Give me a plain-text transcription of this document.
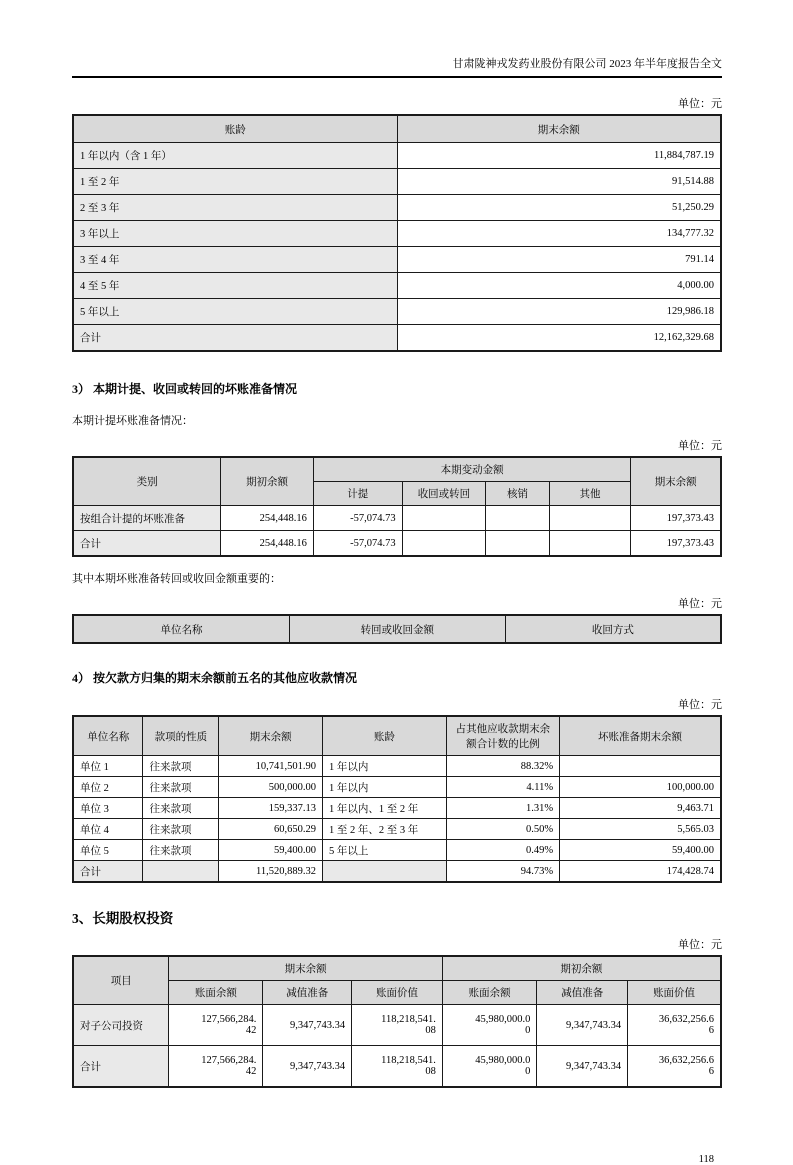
甘肃陇神戎发药业股份有限公司 2023 年半年度报告全文
单位：元
账龄	期末余额
1 年以内（含 1 年）	11,884,787.19
1 至 2 年	91,514.88
2 至 3 年	51,250.29
3 年以上	134,777.32
3 至 4 年	791.14
4 至 5 年	4,000.00
5 年以上	129,986.18
合计	12,162,329.68
3） 本期计提、收回或转回的坏账准备情况
本期计提坏账准备情况：
单位：元
类别	期初余额	本期变动金额				期末余额
		计提	收回或转回	核销	其他	
按组合计提的坏账准备	254,448.16	-57,074.73				197,373.43
合计	254,448.16	-57,074.73				197,373.43
其中本期坏账准备转回或收回金额重要的：
单位：元
单位名称	转回或收回金额	收回方式
4） 按欠款方归集的期末余额前五名的其他应收款情况
单位：元
单位名称	款项的性质	期末余额	账龄	占其他应收款期末余额合计数的比例	坏账准备期末余额
单位 1	往来款项	10,741,501.90	1 年以内	88.32%	
单位 2	往来款项	500,000.00	1 年以内	4.11%	100,000.00
单位 3	往来款项	159,337.13	1 年以内、1 至 2 年	1.31%	9,463.71
单位 4	往来款项	60,650.29	1 至 2 年、2 至 3 年	0.50%	5,565.03
单位 5	往来款项	59,400.00	5 年以上	0.49%	59,400.00
合计		11,520,889.32		94.73%	174,428.74
3、长期股权投资
单位：元
项目	期末余额			期初余额		
	账面余额	减值准备	账面价值	账面余额	减值准备	账面价值
对子公司投资	127,566,284.42	9,347,743.34	118,218,541.08	45,980,000.00	9,347,743.34	36,632,256.66
合计	127,566,284.42	9,347,743.34	118,218,541.08	45,980,000.00	9,347,743.34	36,632,256.66
118
